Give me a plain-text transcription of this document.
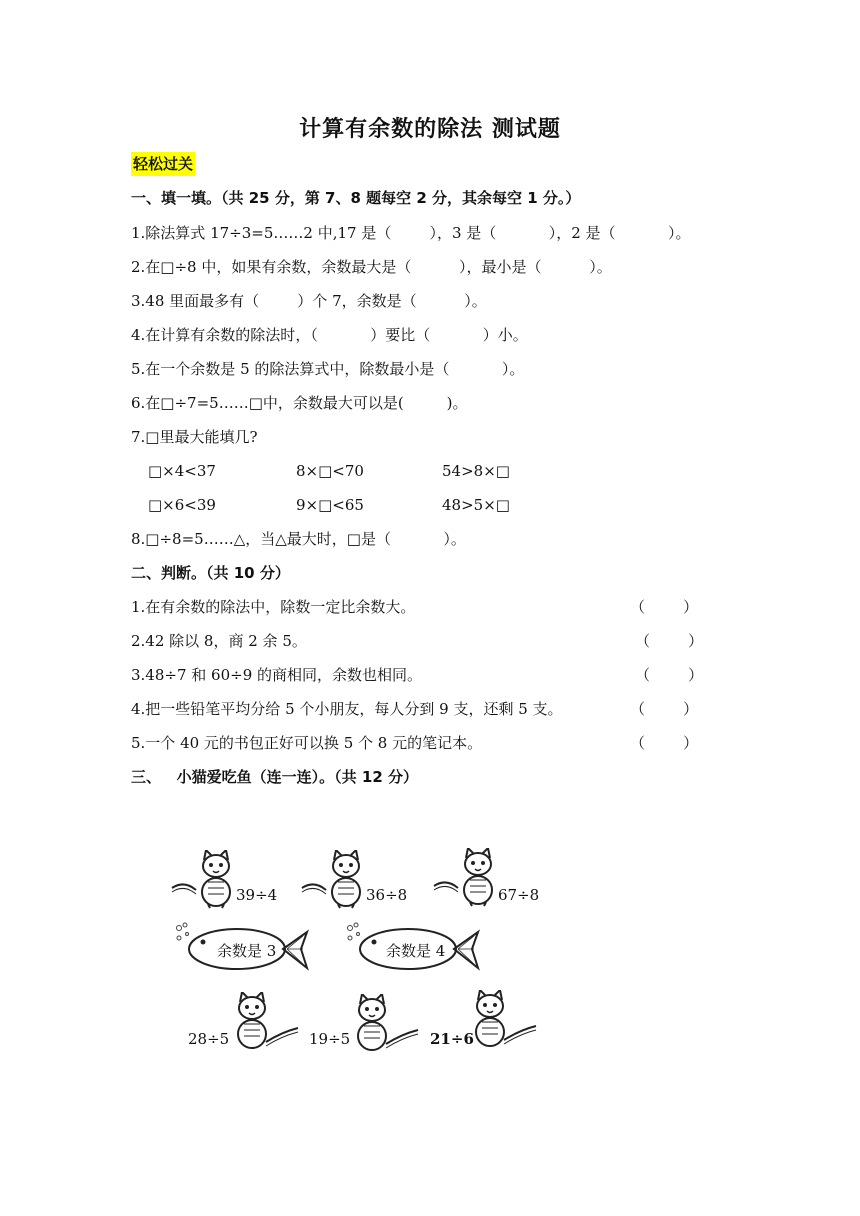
计算有余数的除法 测试题
轻松过关
一、填一填。（共 25 分，第 7、8 题每空 2 分，其余每空 1 分。）
1.除法算式 17÷3=5……2 中,17 是（        ），3 是（           ），2 是（           ）。
2.在□÷8 中，如果有余数，余数最大是（          ），最小是（          ）。
3.48 里面最多有（        ）个 7，余数是（          ）。
4.在计算有余数的除法时，（           ）要比（           ）小。
5.在一个余数是 5 的除法算式中，除数最小是（           ）。
6.在□÷7=5……□中，余数最大可以是(         )。
7.□里最大能填几?
□×4<37	8×□<70	54>8×□
□×6<39	9×□<65	48>5×□
8.□÷8=5……△，当△最大时，□是（           ）。
二、判断。（共 10 分）
1.在有余数的除法中，除数一定比余数大。	（        ）
2.42 除以 8，商 2 余 5。	（        ）
3.48÷7 和 60÷9 的商相同，余数也相同。	（        ）
4.把一些铅笔平均分给 5 个小朋友，每人分到 9 支，还剩 5 支。	（        ）
5.一个 40 元的书包正好可以换 5 个 8 元的笔记本。	（        ）
三、   小猫爱吃鱼（连一连）。（共 12 分）
39÷4	36÷8	67÷8
余数是 3	余数是 4
28÷5	19÷5	21÷6
